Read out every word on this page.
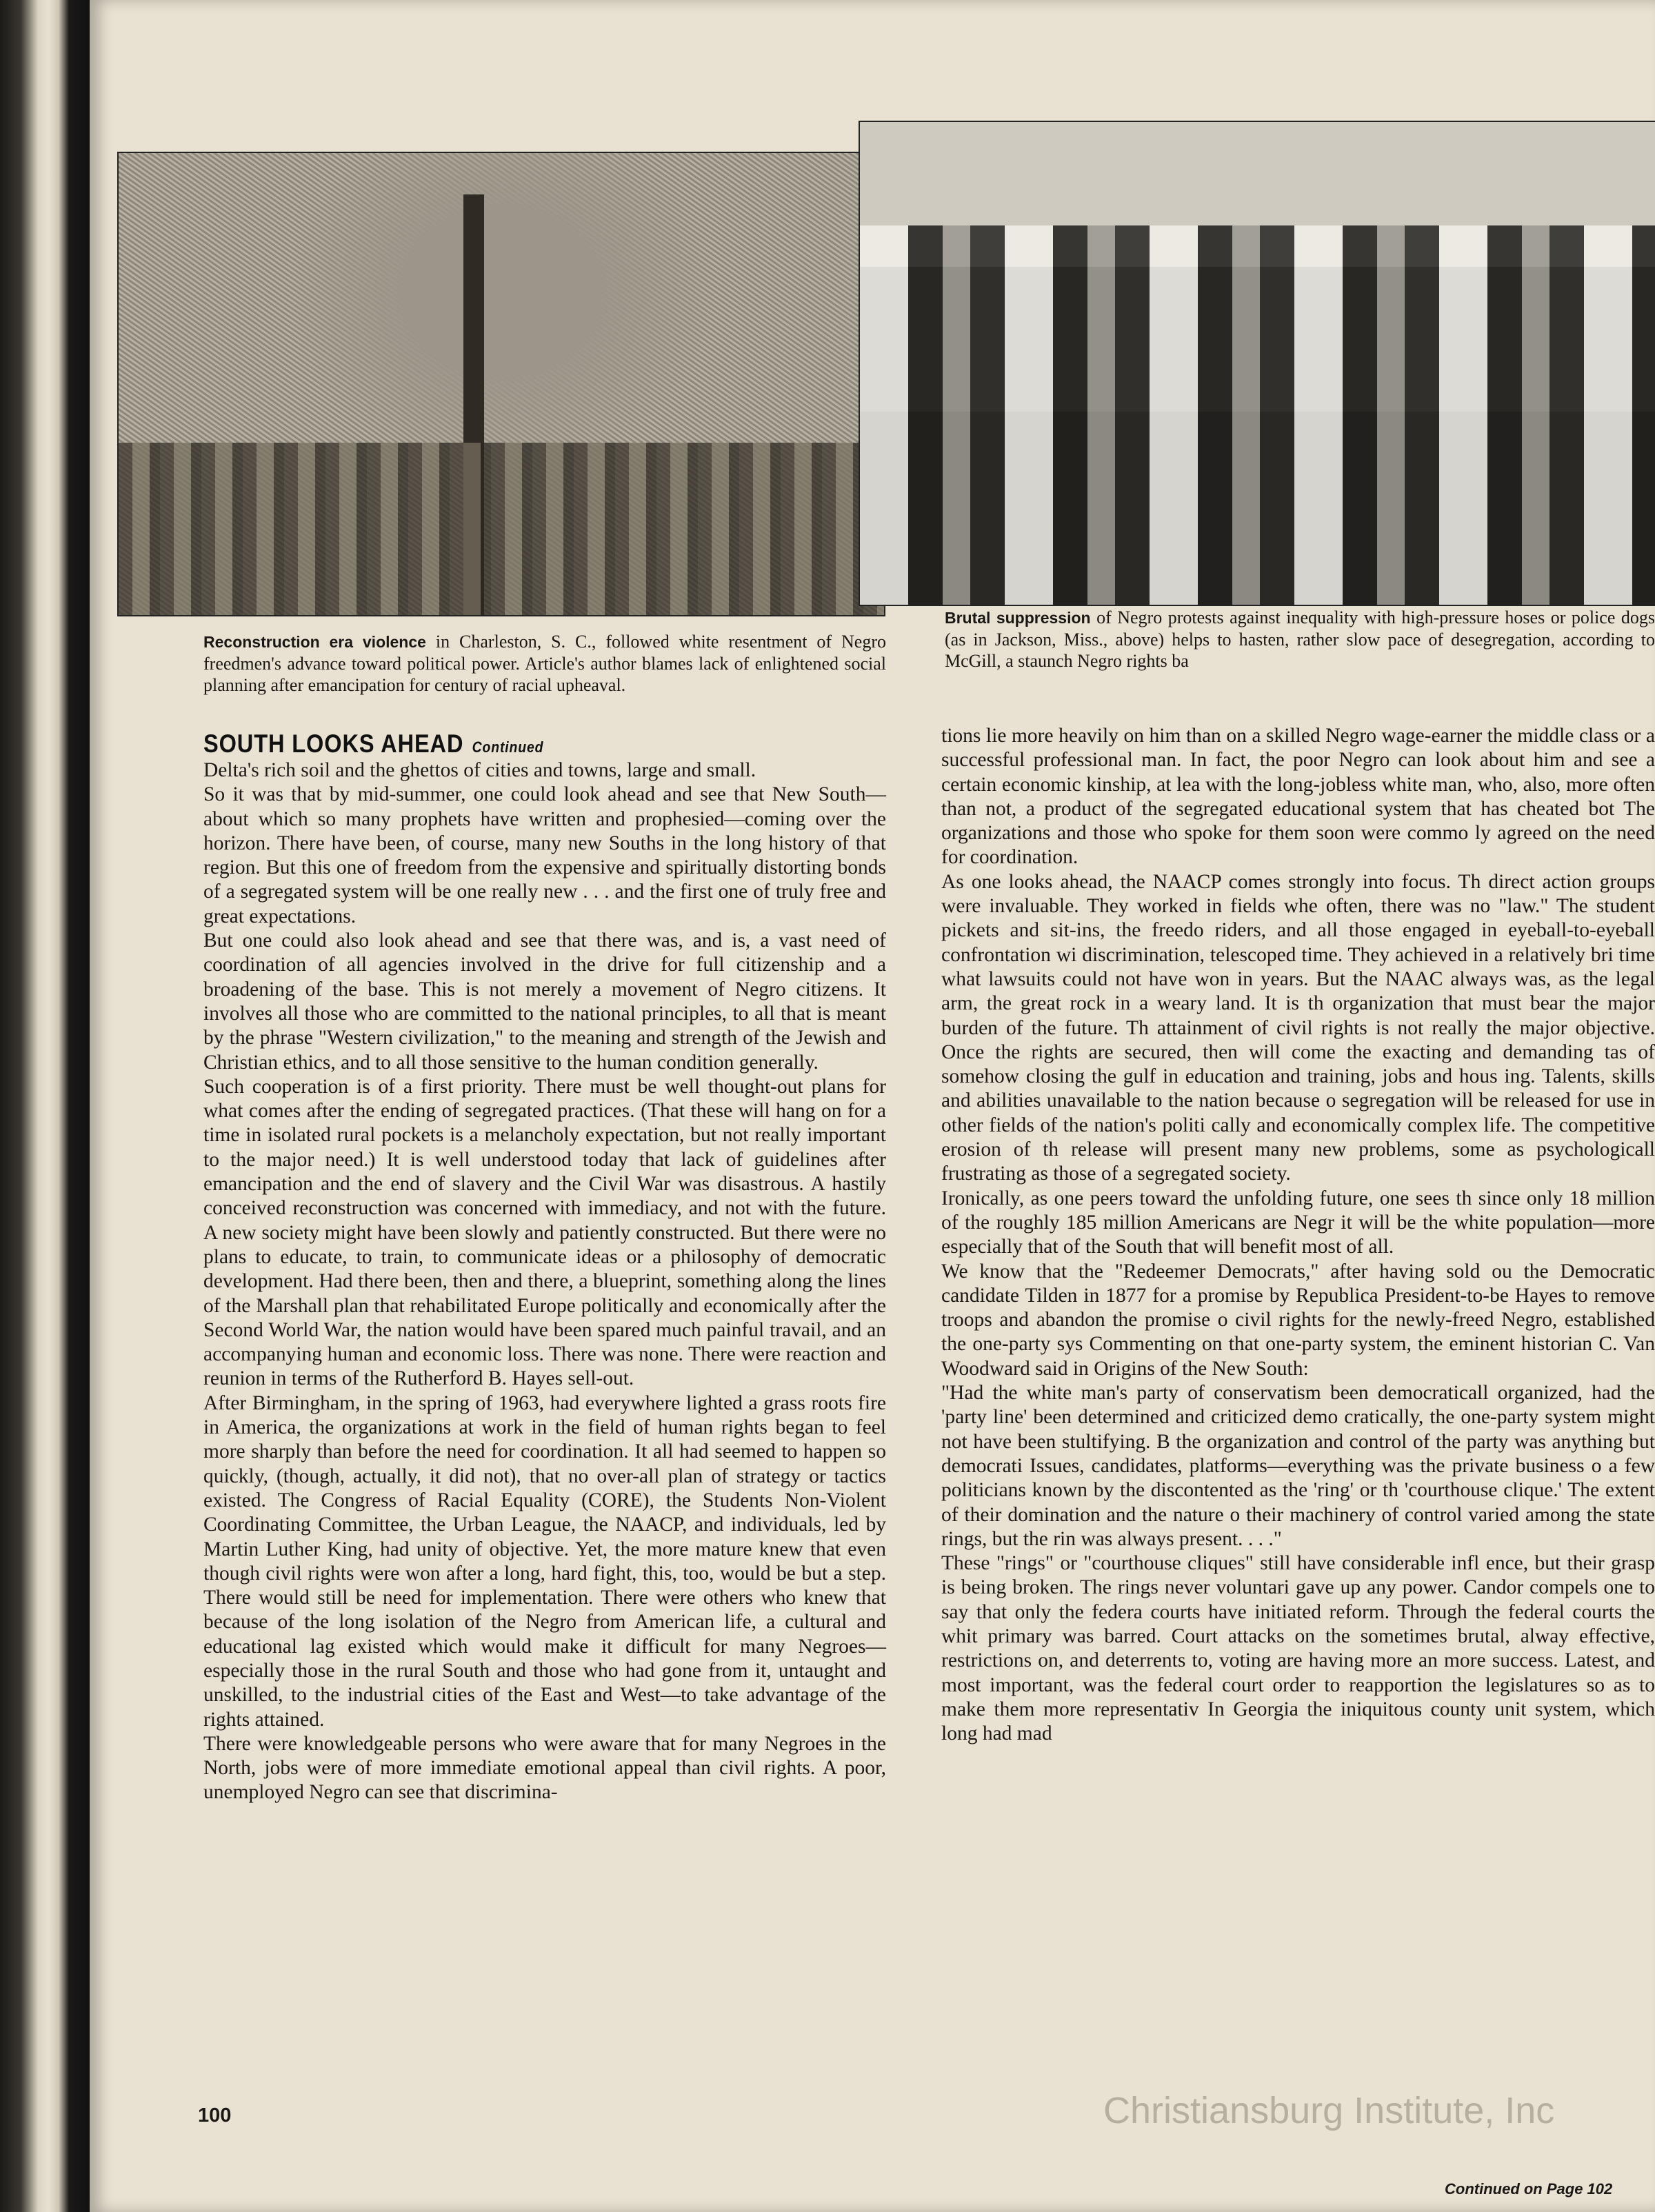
Reconstruction era violence in Charleston, S. C., followed white resentment of Negro freedmen's advance toward political power. Article's author blames lack of enlightened social planning after emancipation for century of racial upheaval.
Brutal suppression of Negro protests against inequality with high-pressure hoses or police dogs (as in Jackson, Miss., above) helps to hasten, rather slow pace of desegregation, according to McGill, a staunch Negro rights ba
SOUTH LOOKS AHEAD Continued
Delta's rich soil and the ghettos of cities and towns, large and small.
So it was that by mid-summer, one could look ahead and see that New South—about which so many prophets have written and prophesied—coming over the horizon. There have been, of course, many new Souths in the long history of that region. But this one of freedom from the expensive and spiritually distorting bonds of a segregated system will be one really new . . . and the first one of truly free and great expectations.
But one could also look ahead and see that there was, and is, a vast need of coordination of all agencies involved in the drive for full citizenship and a broadening of the base. This is not merely a movement of Negro citizens. It involves all those who are committed to the national principles, to all that is meant by the phrase "Western civilization," to the meaning and strength of the Jewish and Christian ethics, and to all those sensitive to the human condition generally.
Such cooperation is of a first priority. There must be well thought-out plans for what comes after the ending of segregated practices. (That these will hang on for a time in isolated rural pockets is a melancholy expectation, but not really important to the major need.) It is well understood today that lack of guidelines after emancipation and the end of slavery and the Civil War was disastrous. A hastily conceived reconstruction was concerned with immediacy, and not with the future. A new society might have been slowly and patiently constructed. But there were no plans to educate, to train, to communicate ideas or a philosophy of democratic development. Had there been, then and there, a blueprint, something along the lines of the Marshall plan that rehabilitated Europe politically and economically after the Second World War, the nation would have been spared much painful travail, and an accompanying human and economic loss. There was none. There were reaction and reunion in terms of the Rutherford B. Hayes sell-out.
After Birmingham, in the spring of 1963, had everywhere lighted a grass roots fire in America, the organizations at work in the field of human rights began to feel more sharply than before the need for coordination. It all had seemed to happen so quickly, (though, actually, it did not), that no over-all plan of strategy or tactics existed. The Congress of Racial Equality (CORE), the Students Non-Violent Coordinating Committee, the Urban League, the NAACP, and individuals, led by Martin Luther King, had unity of objective. Yet, the more mature knew that even though civil rights were won after a long, hard fight, this, too, would be but a step. There would still be need for implementation. There were others who knew that because of the long isolation of the Negro from American life, a cultural and educational lag existed which would make it difficult for many Negroes—especially those in the rural South and those who had gone from it, untaught and unskilled, to the industrial cities of the East and West—to take advantage of the rights attained.
There were knowledgeable persons who were aware that for many Negroes in the North, jobs were of more immediate emotional appeal than civil rights. A poor, unemployed Negro can see that discrimina-
tions lie more heavily on him than on a skilled Negro wage-earner the middle class or a successful professional man. In fact, the poor Negro can look about him and see a certain economic kinship, at lea with the long-jobless white man, who, also, more often than not, a product of the segregated educational system that has cheated bot The organizations and those who spoke for them soon were commo ly agreed on the need for coordination.
As one looks ahead, the NAACP comes strongly into focus. Th direct action groups were invaluable. They worked in fields whe often, there was no "law." The student pickets and sit-ins, the freedo riders, and all those engaged in eyeball-to-eyeball confrontation wi discrimination, telescoped time. They achieved in a relatively bri time what lawsuits could not have won in years. But the NAAC always was, as the legal arm, the great rock in a weary land. It is th organization that must bear the major burden of the future. Th attainment of civil rights is not really the major objective. Once the rights are secured, then will come the exacting and demanding tas of somehow closing the gulf in education and training, jobs and hous ing. Talents, skills and abilities unavailable to the nation because o segregation will be released for use in other fields of the nation's politi cally and economically complex life. The competitive erosion of th release will present many new problems, some as psychologicall frustrating as those of a segregated society.
Ironically, as one peers toward the unfolding future, one sees th since only 18 million of the roughly 185 million Americans are Negr it will be the white population—more especially that of the South that will benefit most of all.
We know that the "Redeemer Democrats," after having sold ou the Democratic candidate Tilden in 1877 for a promise by Republica President-to-be Hayes to remove troops and abandon the promise o civil rights for the newly-freed Negro, established the one-party sys Commenting on that one-party system, the eminent historian C. Van Woodward said in Origins of the New South:
"Had the white man's party of conservatism been democraticall organized, had the 'party line' been determined and criticized demo cratically, the one-party system might not have been stultifying. B the organization and control of the party was anything but democrati Issues, candidates, platforms—everything was the private business o a few politicians known by the discontented as the 'ring' or th 'courthouse clique.' The extent of their domination and the nature o their machinery of control varied among the state rings, but the rin was always present. . . ."
These "rings" or "courthouse cliques" still have considerable infl ence, but their grasp is being broken. The rings never voluntari gave up any power. Candor compels one to say that only the federa courts have initiated reform. Through the federal courts the whit primary was barred. Court attacks on the sometimes brutal, alway effective, restrictions on, and deterrents to, voting are having more an more success. Latest, and most important, was the federal court order to reapportion the legislatures so as to make them more representativ In Georgia the iniquitous county unit system, which long had mad
100	Christiansburg Institute, Inc
Continued on Page 102
